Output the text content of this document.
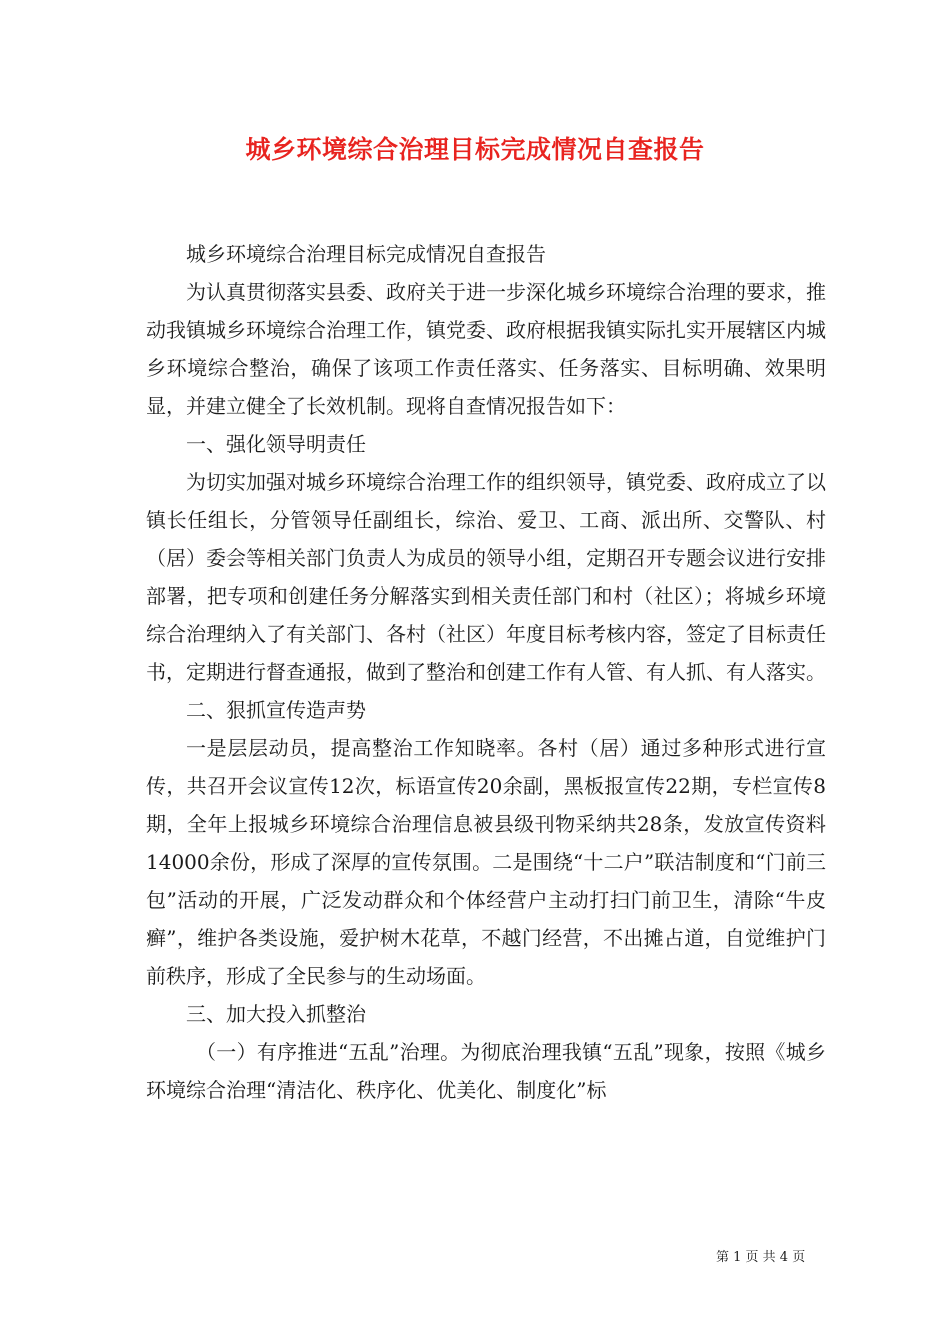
城乡环境综合治理目标完成情况自查报告

城乡环境综合治理目标完成情况自查报告

为认真贯彻落实县委、政府关于进一步深化城乡环境综合治理的要求，推动我镇城乡环境综合治理工作，镇党委、政府根据我镇实际扎实开展辖区内城乡环境综合整治，确保了该项工作责任落实、任务落实、目标明确、效果明显，并建立健全了长效机制。现将自查情况报告如下：

一、强化领导明责任

为切实加强对城乡环境综合治理工作的组织领导，镇党委、政府成立了以镇长任组长，分管领导任副组长，综治、爱卫、工商、派出所、交警队、村（居）委会等相关部门负责人为成员的领导小组，定期召开专题会议进行安排部署，把专项和创建任务分解落实到相关责任部门和村（社区）；将城乡环境综合治理纳入了有关部门、各村（社区）年度目标考核内容，签定了目标责任书，定期进行督查通报，做到了整治和创建工作有人管、有人抓、有人落实。

二、狠抓宣传造声势

一是层层动员，提高整治工作知晓率。各村（居）通过多种形式进行宣传，共召开会议宣传12次，标语宣传20余副，黑板报宣传22期，专栏宣传8期，全年上报城乡环境综合治理信息被县级刊物采纳共28条，发放宣传资料14000余份，形成了深厚的宣传氛围。二是围绕“十二户”联洁制度和“门前三包”活动的开展，广泛发动群众和个体经营户主动打扫门前卫生，清除“牛皮癣”，维护各类设施，爱护树木花草，不越门经营，不出摊占道，自觉维护门前秩序，形成了全民参与的生动场面。

三、加大投入抓整治

（一）有序推进“五乱”治理。为彻底治理我镇“五乱”现象，按照《城乡环境综合治理“清洁化、秩序化、优美化、制度化”标

第 1 页 共 4 页
